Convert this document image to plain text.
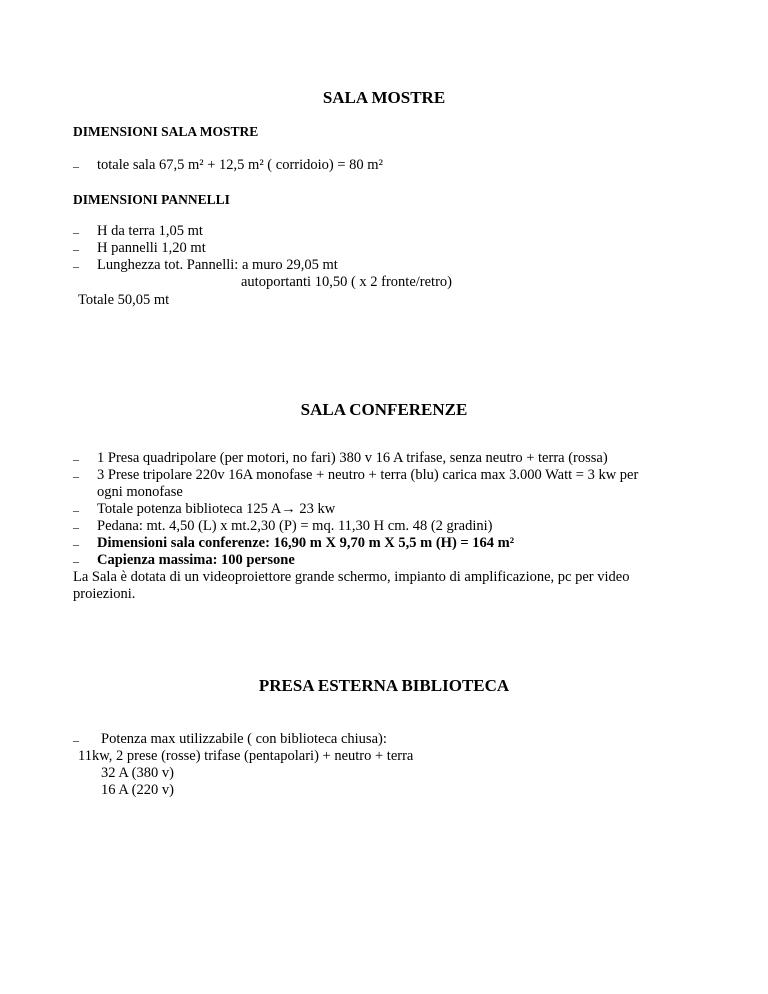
SALA MOSTRE
DIMENSIONI SALA MOSTRE
– totale sala 67,5 m² + 12,5 m² ( corridoio) = 80 m²
DIMENSIONI PANNELLI
– H da terra 1,05 mt
– H pannelli 1,20 mt
– Lunghezza tot. Pannelli: a muro 29,05 mt
autoportanti 10,50 ( x 2 fronte/retro)
Totale 50,05 mt
SALA CONFERENZE
– 1 Presa quadripolare (per motori, no fari) 380 v 16 A trifase, senza neutro + terra (rossa)
– 3 Prese tripolare 220v 16A monofase + neutro + terra (blu) carica max 3.000 Watt = 3 kw per
ogni monofase
– Totale potenza biblioteca 125 A→ 23 kw
– Pedana: mt. 4,50 (L) x mt.2,30 (P) = mq. 11,30 H cm. 48 (2 gradini)
– Dimensioni sala conferenze: 16,90 m X 9,70 m X 5,5 m (H) = 164 m²
– Capienza massima: 100 persone
La Sala è dotata di un videoproiettore grande schermo, impianto di amplificazione, pc per video
proiezioni.
PRESA ESTERNA BIBLIOTECA
– Potenza max utilizzabile ( con biblioteca chiusa):
11kw, 2 prese (rosse) trifase (pentapolari) + neutro + terra
32 A (380 v)
16 A (220 v)
